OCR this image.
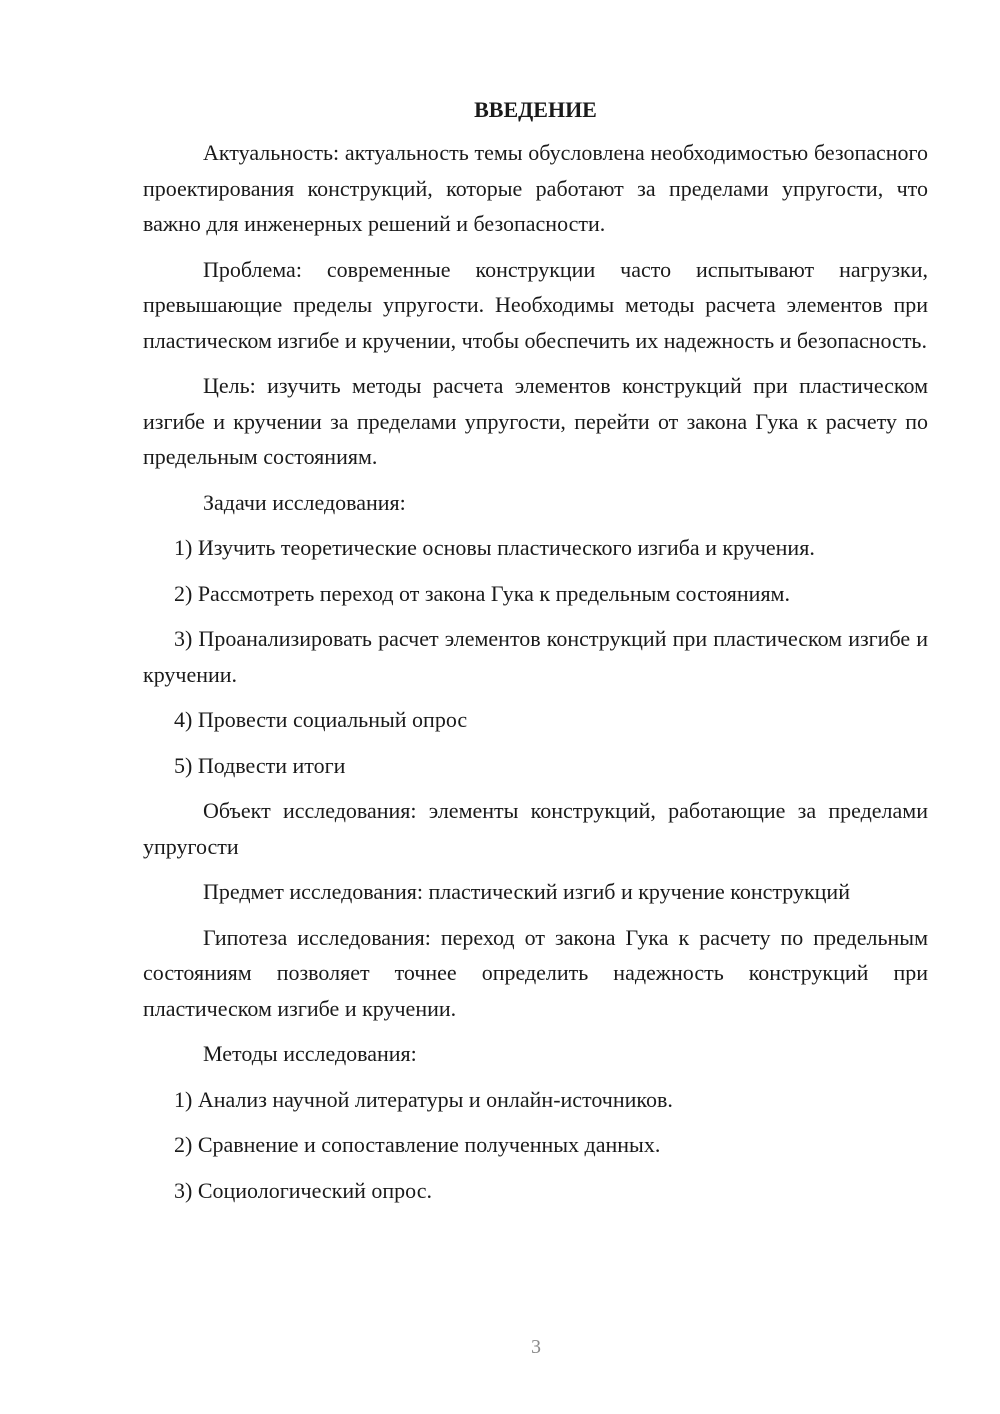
ВВЕДЕНИЕ

Актуальность: актуальность темы обусловлена необходимостью безопасного проектирования конструкций, которые работают за пределами упругости, что важно для инженерных решений и безопасности.

Проблема: современные конструкции часто испытывают нагрузки, превышающие пределы упругости. Необходимы методы расчета элементов при пластическом изгибе и кручении, чтобы обеспечить их надежность и безопасность.

Цель: изучить методы расчета элементов конструкций при пластическом изгибе и кручении за пределами упругости, перейти от закона Гука к расчету по предельным состояниям.

Задачи исследования:

1) Изучить теоретические основы пластического изгиба и кручения.

2) Рассмотреть переход от закона Гука к предельным состояниям.

3) Проанализировать расчет элементов конструкций при пластическом изгибе и кручении.

4) Провести социальный опрос

5) Подвести итоги

Объект исследования: элементы конструкций, работающие за пределами упругости

Предмет исследования: пластический изгиб и кручение конструкций

Гипотеза исследования: переход от закона Гука к расчету по предельным состояниям позволяет точнее определить надежность конструкций при пластическом изгибе и кручении.

Методы исследования:

1) Анализ научной литературы и онлайн-источников.

2) Сравнение и сопоставление полученных данных.

3) Социологический опрос.

3
